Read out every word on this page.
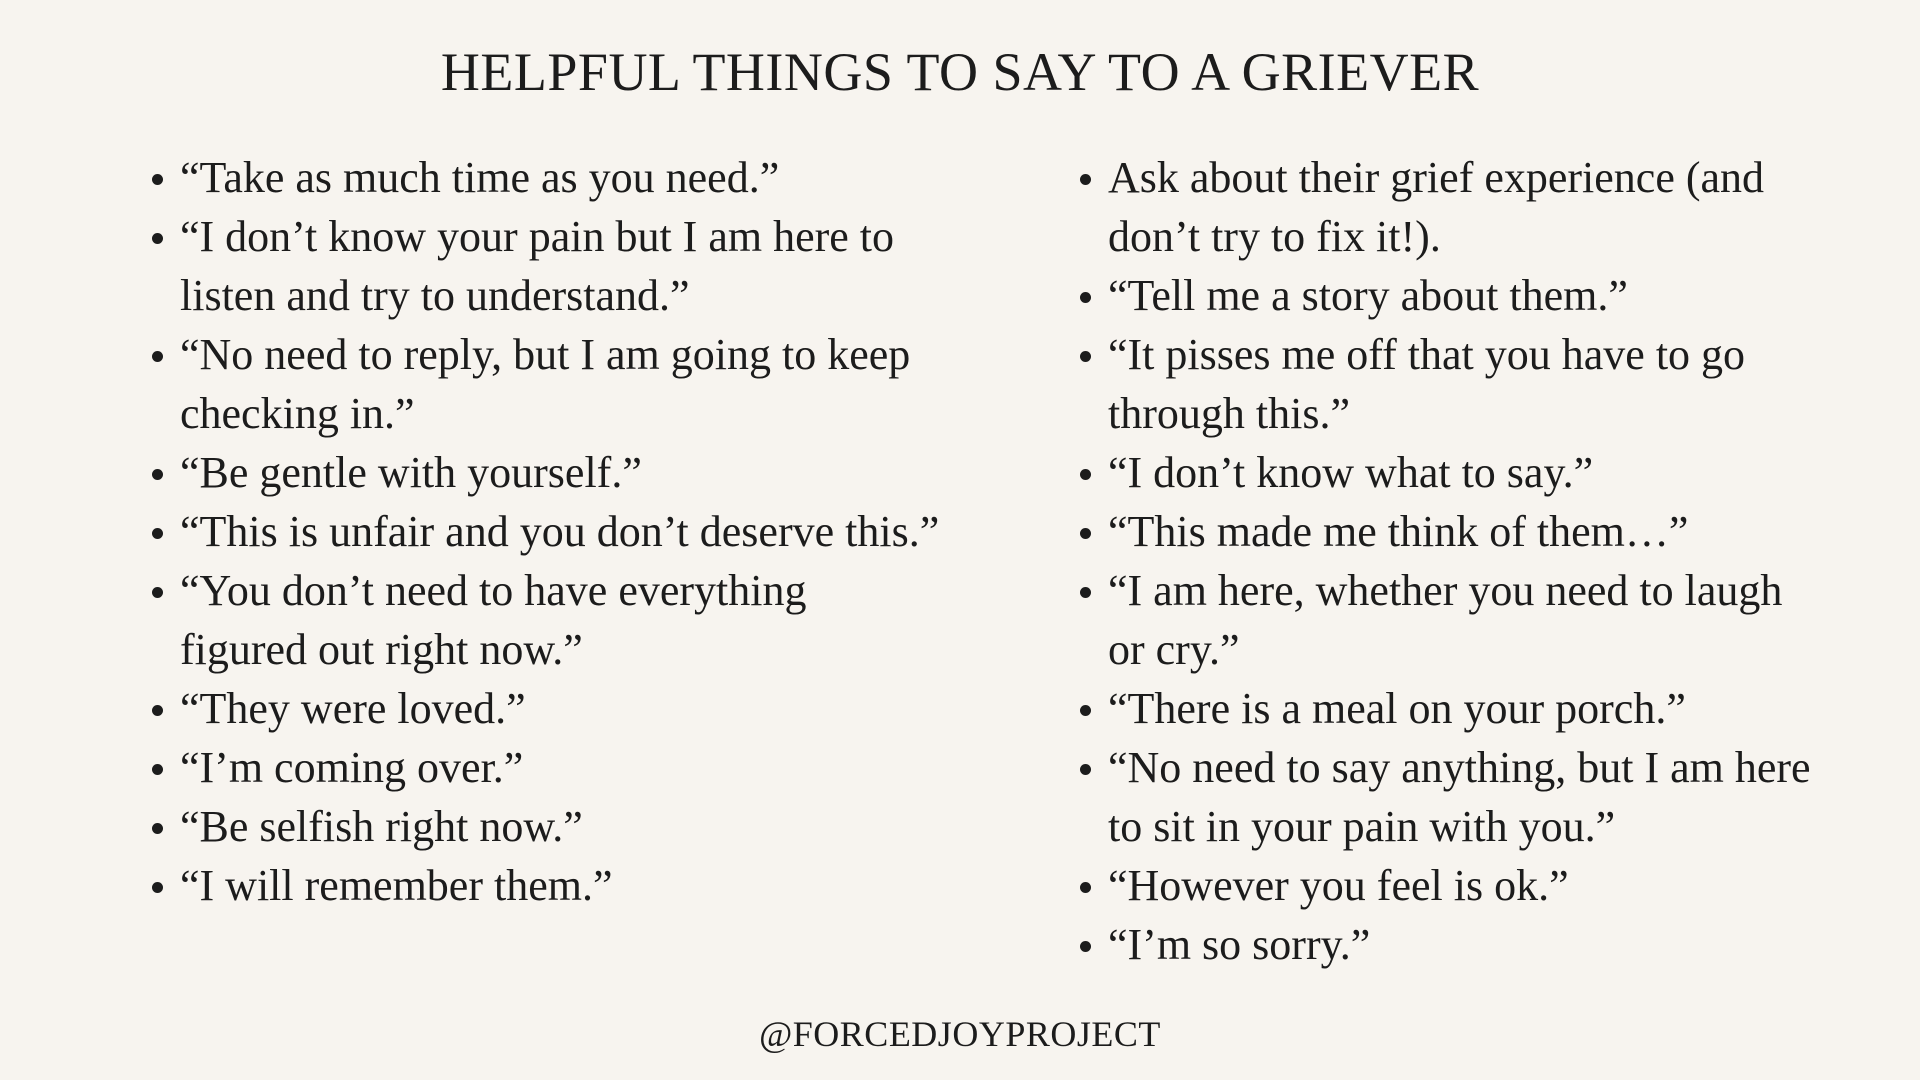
HELPFUL THINGS TO SAY TO A GRIEVER
“Take as much time as you need.”
“I don’t know your pain but I am here to listen and try to understand.”
“No need to reply, but I am going to keep checking in.”
“Be gentle with yourself.”
“This is unfair and you don’t deserve this.”
“You don’t need to have everything figured out right now.”
“They were loved.”
“I’m coming over.”
“Be selfish right now.”
“I will remember them.”
Ask about their grief experience (and don’t try to fix it!).
“Tell me a story about them.”
“It pisses me off that you have to go through this.”
“I don’t know what to say.”
“This made me think of them…”
“I am here, whether you need to laugh or cry.”
“There is a meal on your porch.”
“No need to say anything, but I am here to sit in your pain with you.”
“However you feel is ok.”
“I’m so sorry.”
@FORCEDJOYPROJECT
